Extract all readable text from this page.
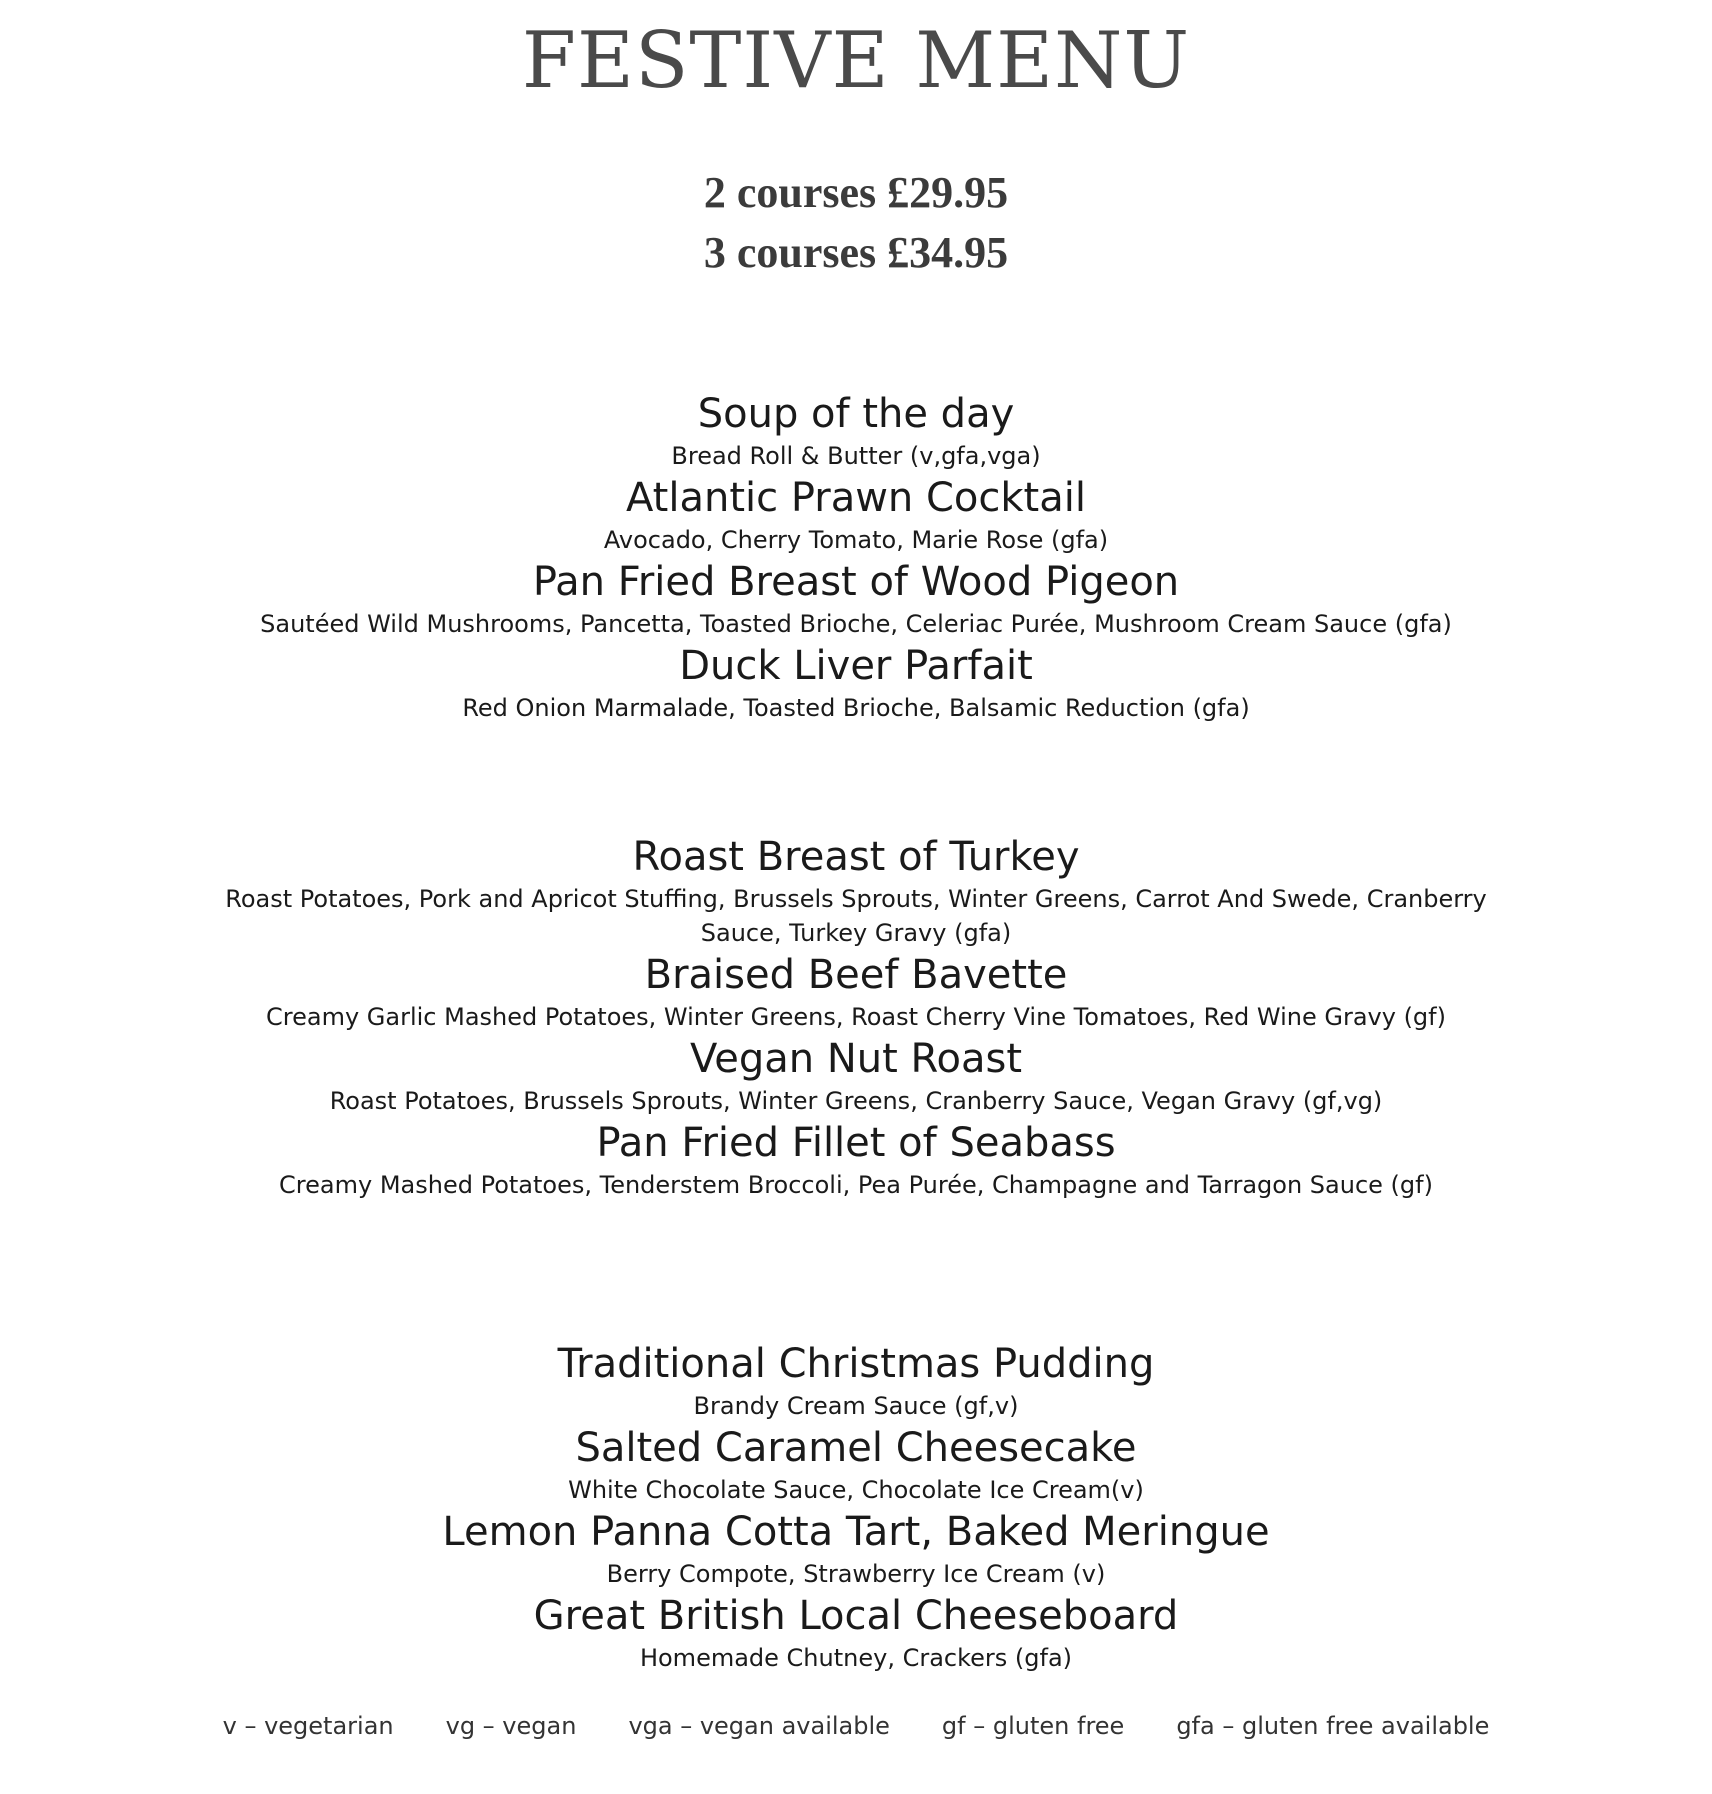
FESTIVE MENU
2 courses £29.95
3 courses £34.95
Soup of the day
Bread Roll & Butter (v,gfa,vga)
Atlantic Prawn Cocktail
Avocado, Cherry Tomato, Marie Rose (gfa)
Pan Fried Breast of Wood Pigeon
Sautéed Wild Mushrooms, Pancetta, Toasted Brioche, Celeriac Purée, Mushroom Cream Sauce (gfa)
Duck Liver Parfait
Red Onion Marmalade, Toasted Brioche, Balsamic Reduction (gfa)
Roast Breast of Turkey
Roast Potatoes, Pork and Apricot Stuffing, Brussels Sprouts, Winter Greens, Carrot And Swede, Cranberry Sauce, Turkey Gravy (gfa)
Braised Beef Bavette
Creamy Garlic Mashed Potatoes, Winter Greens, Roast Cherry Vine Tomatoes, Red Wine Gravy (gf)
Vegan Nut Roast
Roast Potatoes, Brussels Sprouts, Winter Greens, Cranberry Sauce, Vegan Gravy (gf,vg)
Pan Fried Fillet of Seabass
Creamy Mashed Potatoes, Tenderstem Broccoli, Pea Purée, Champagne and Tarragon Sauce (gf)
Traditional Christmas Pudding
Brandy Cream Sauce (gf,v)
Salted Caramel Cheesecake
White Chocolate Sauce, Chocolate Ice Cream(v)
Lemon Panna Cotta Tart, Baked Meringue
Berry Compote, Strawberry Ice Cream (v)
Great British Local Cheeseboard
Homemade Chutney, Crackers (gfa)
v – vegetarian vg – vegan vga – vegan available gf – gluten free gfa – gluten free available
